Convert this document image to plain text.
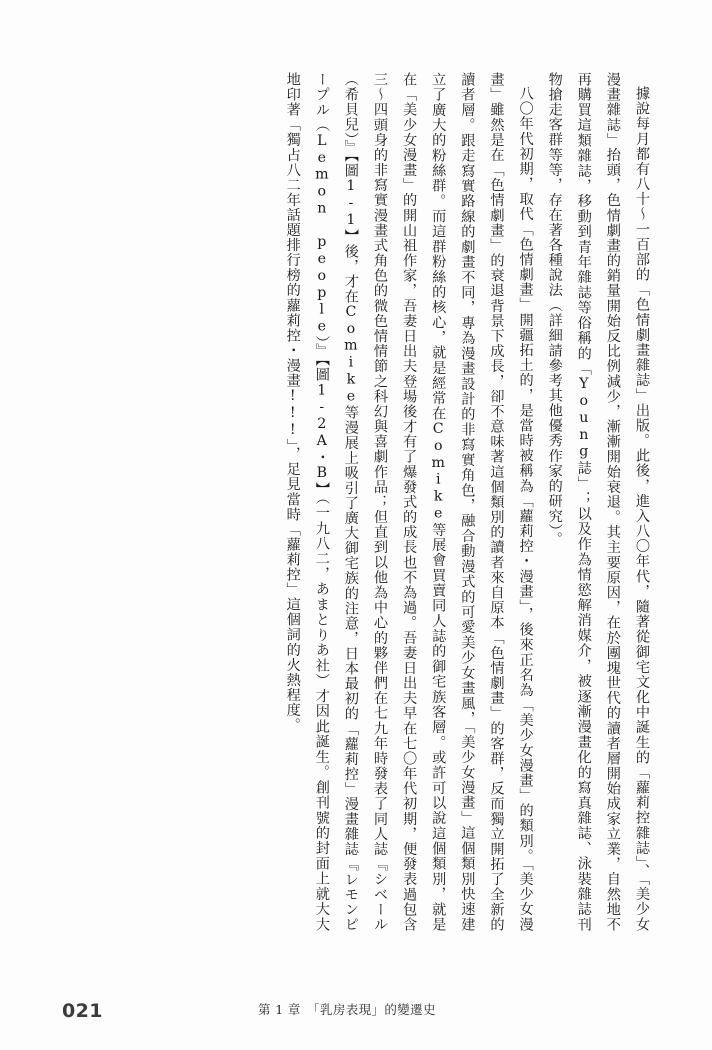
據說每月都有八十～一百部的「色情劇畫雜誌」出版。此後，進入八〇年代，隨著從御宅文化中誕生的「蘿莉控雜誌」、「美少女漫畫雜誌」抬頭，色情劇畫的銷量開始反比例減少，漸漸開始衰退。其主要原因，在於團塊世代的讀者層開始成家立業，自然地不再購買這類雜誌，移動到青年雜誌等俗稱的「Young誌」；以及作為情慾解消媒介，被逐漸漫畫化的寫真雜誌、泳裝雜誌刊物搶走客群等等，存在著各種說法（詳細請參考其他優秀作家的研究）。

八〇年代初期，取代「色情劇畫」開疆拓土的，是當時被稱為「蘿莉控・漫畫」，後來正名為「美少女漫畫」的類別。「美少女漫畫」雖然是在「色情劇畫」的衰退背景下成長，卻不意味著這個類別的讀者來自原本「色情劇畫」的客群，反而獨立開拓了全新的讀者層。跟走寫實路線的劇畫不同，專為漫畫設計的非寫實角色，融合動漫式的可愛美少女畫風，「美少女漫畫」這個類別快速建立了廣大的粉絲群。而這群粉絲的核心，就是經常在Comike等展會買賣同人誌的御宅族客層。或許可以說這個類別，就是在「美少女漫畫」的開山祖作家，吾妻日出夫登場後才有了爆發式的成長也不為過。吾妻日出夫早在七〇年代初期，便發表過包含三～四頭身的非寫實漫畫式角色的微色情情節之科幻與喜劇作品；但直到以他為中心的夥伴們在七九年時發表了同人誌『シベール（希貝兒）』【圖1-1】後，才在Comike等漫展上吸引了廣大御宅族的注意，日本最初的「蘿莉控」漫畫雜誌『レモンピープル（Lemon people）』【圖1-2A・B】（一九八二，あまとりあ社）才因此誕生。創刊號的封面上就大大地印著「獨占八二年話題排行榜的蘿莉控・漫畫!!!」，足見當時「蘿莉控」這個詞的火熱程度。

021	第 1 章 「乳房表現」的變遷史
